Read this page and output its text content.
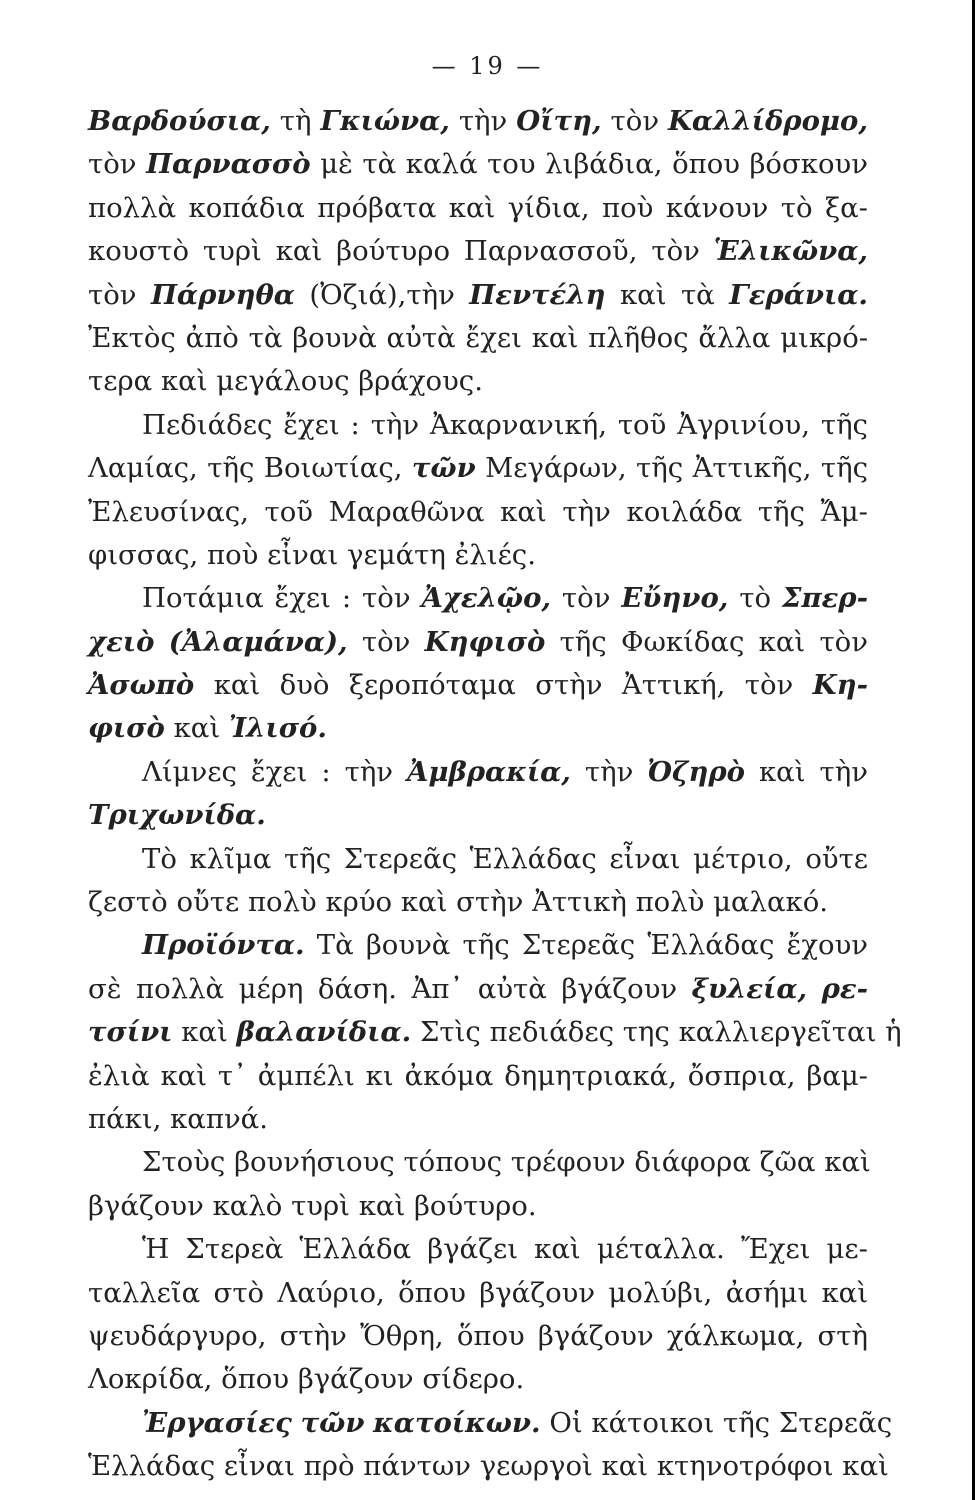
— 19 —
Βαρδούσια, τὴ Γκιώνα, τὴν Οἴτη, τὸν Καλλίδρομο,
τὸν Παρνασσὸ μὲ τὰ καλά του λιβάδια, ὅπου βόσκουν
πολλὰ κοπάδια πρόβατα καὶ γίδια, ποὺ κάνουν τὸ ξα-
κουστὸ τυρὶ καὶ βούτυρο Παρνασσοῦ, τὸν Ἑλικῶνα,
τὸν Πάρνηθα (Ὀζιά),τὴν Πεντέλη καὶ τὰ Γεράνια.
Ἐκτὸς ἀπὸ τὰ βουνὰ αὐτὰ ἔχει καὶ πλῆθος ἄλλα μικρό-
τερα καὶ μεγάλους βράχους.
Πεδιάδες ἔχει : τὴν Ἀκαρνανική, τοῦ Ἀγρινίου, τῆς
Λαμίας, τῆς Βοιωτίας, τῶν Μεγάρων, τῆς Ἀττικῆς, τῆς
Ἐλευσίνας, τοῦ Μαραθῶνα καὶ τὴν κοιλάδα τῆς Ἄμ-
φισσας, ποὺ εἶναι γεμάτη ἐλιές.
Ποτάμια ἔχει : τὸν Ἀχελῷο, τὸν Εὔηνο, τὸ Σπερ-
χειὸ (Ἀλαμάνα), τὸν Κηφισὸ τῆς Φωκίδας καὶ τὸν
Ἀσωπὸ καὶ δυὸ ξεροπόταμα στὴν Ἀττική, τὸν Κη-
φισὸ καὶ Ἰλισό.
Λίμνες ἔχει : τὴν Ἀμβρακία, τὴν Ὀζηρὸ καὶ τὴν
Τριχωνίδα.
Τὸ κλῖμα τῆς Στερεᾶς Ἑλλάδας εἶναι μέτριο, οὔτε
ζεστὸ οὔτε πολὺ κρύο καὶ στὴν Ἀττικὴ πολὺ μαλακό.
Προϊόντα. Τὰ βουνὰ τῆς Στερεᾶς Ἑλλάδας ἔχουν
σὲ πολλὰ μέρη δάση. Ἀπ᾽ αὐτὰ βγάζουν ξυλεία, ρε-
τσίνι καὶ βαλανίδια. Στὶς πεδιάδες της καλλιεργεῖται ἡ
ἐλιὰ καὶ τ᾽ ἀμπέλι κι ἀκόμα δημητριακά, ὄσπρια, βαμ-
πάκι, καπνά.
Στοὺς βουνήσιους τόπους τρέφουν διάφορα ζῶα καὶ
βγάζουν καλὸ τυρὶ καὶ βούτυρο.
Ἡ Στερεὰ Ἑλλάδα βγάζει καὶ μέταλλα. Ἔχει με-
ταλλεῖα στὸ Λαύριο, ὅπου βγάζουν μολύβι, ἀσήμι καὶ
ψευδάργυρο, στὴν Ὄθρη, ὅπου βγάζουν χάλκωμα, στὴ
Λοκρίδα, ὅπου βγάζουν σίδερο.
Ἐργασίες τῶν κατοίκων. Οἱ κάτοικοι τῆς Στερεᾶς
Ἑλλάδας εἶναι πρὸ πάντων γεωργοὶ καὶ κτηνοτρόφοι καὶ
